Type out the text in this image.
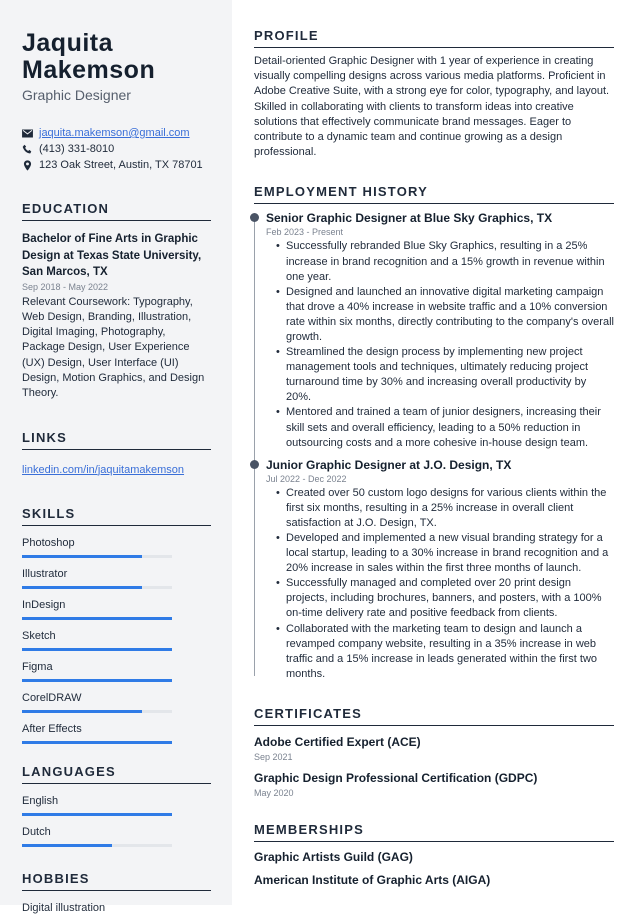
Jaquita
Makemson
Graphic Designer
jaquita.makemson@gmail.com
(413) 331-8010
123 Oak Street, Austin, TX 78701
EDUCATION
Bachelor of Fine Arts in Graphic Design at Texas State University, San Marcos, TX
Sep 2018 - May 2022
Relevant Coursework: Typography, Web Design, Branding, Illustration, Digital Imaging, Photography, Package Design, User Experience (UX) Design, User Interface (UI) Design, Motion Graphics, and Design Theory.
LINKS
linkedin.com/in/jaquitamakemson
SKILLS
Photoshop
Illustrator
InDesign
Sketch
Figma
CorelDRAW
After Effects
LANGUAGES
English
Dutch
HOBBIES
Digital illustration
PROFILE

Detail-oriented Graphic Designer with 1 year of experience in creating visually compelling designs across various media platforms. Proficient in Adobe Creative Suite, with a strong eye for color, typography, and layout. Skilled in collaborating with clients to transform ideas into creative solutions that effectively communicate brand messages. Eager to contribute to a dynamic team and continue growing as a design professional.

EMPLOYMENT HISTORY
Senior Graphic Designer at Blue Sky Graphics, TX
Feb 2023 - Present
• Successfully rebranded Blue Sky Graphics, resulting in a 25% increase in brand recognition and a 15% growth in revenue within one year.
• Designed and launched an innovative digital marketing campaign that drove a 40% increase in website traffic and a 10% conversion rate within six months, directly contributing to the company's overall growth.
• Streamlined the design process by implementing new project management tools and techniques, ultimately reducing project turnaround time by 30% and increasing overall productivity by 20%.
• Mentored and trained a team of junior designers, increasing their skill sets and overall efficiency, leading to a 50% reduction in outsourcing costs and a more cohesive in-house design team.
Junior Graphic Designer at J.O. Design, TX
Jul 2022 - Dec 2022
• Created over 50 custom logo designs for various clients within the first six months, resulting in a 25% increase in overall client satisfaction at J.O. Design, TX.
• Developed and implemented a new visual branding strategy for a local startup, leading to a 30% increase in brand recognition and a 20% increase in sales within the first three months of launch.
• Successfully managed and completed over 20 print design projects, including brochures, banners, and posters, with a 100% on-time delivery rate and positive feedback from clients.
• Collaborated with the marketing team to design and launch a revamped company website, resulting in a 35% increase in web traffic and a 15% increase in leads generated within the first two months.
CERTIFICATES
Adobe Certified Expert (ACE)
Sep 2021
Graphic Design Professional Certification (GDPC)
May 2020
MEMBERSHIPS
Graphic Artists Guild (GAG)
American Institute of Graphic Arts (AIGA)
